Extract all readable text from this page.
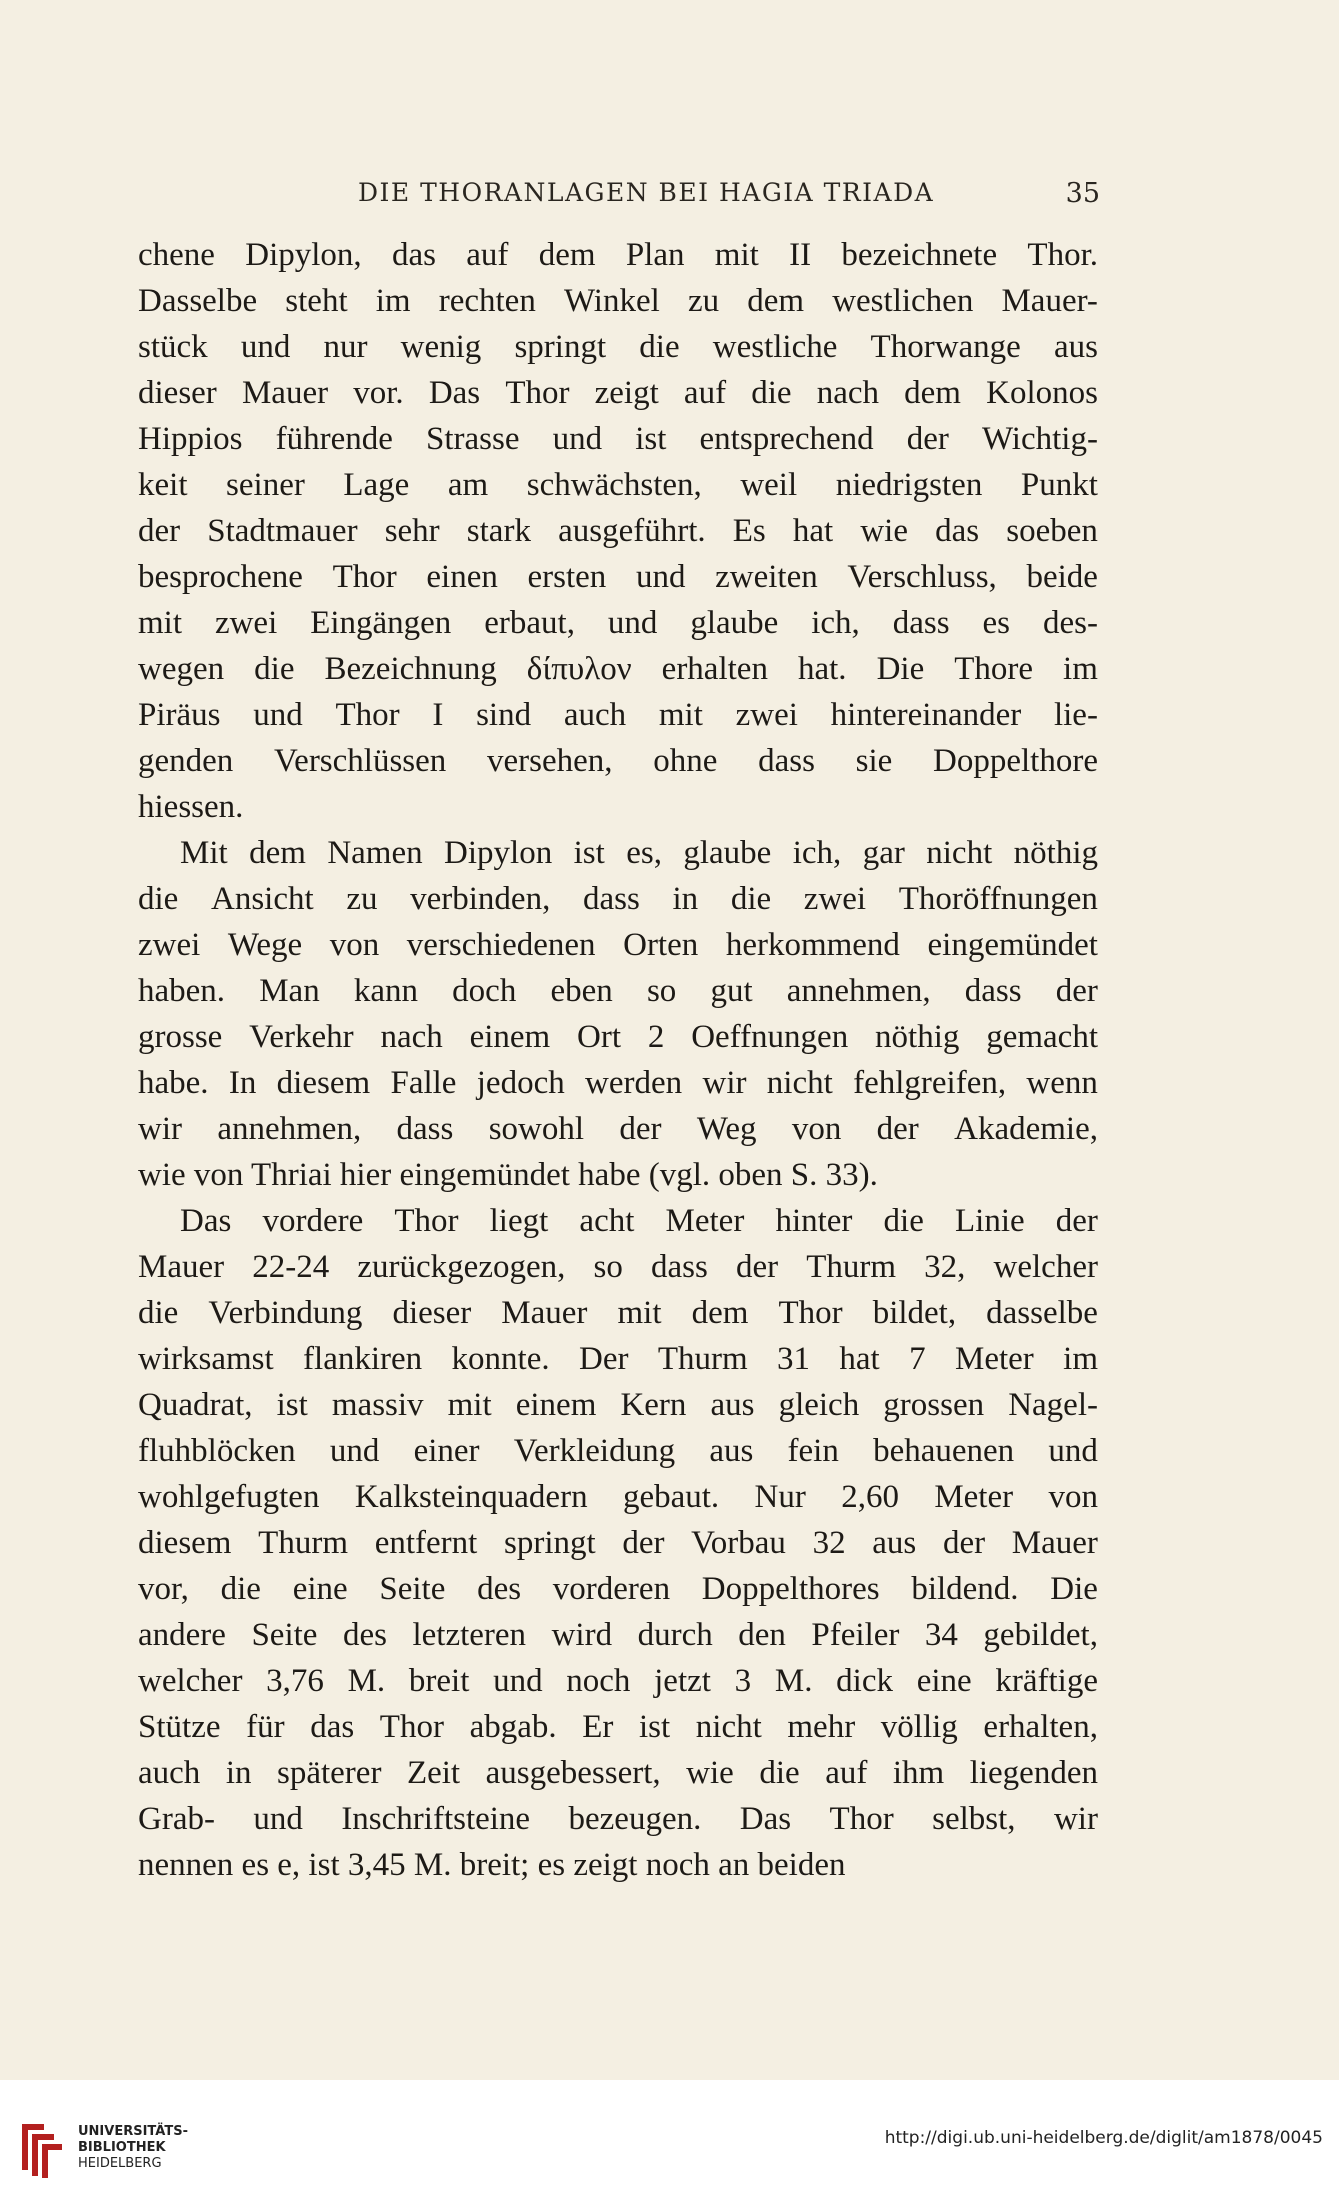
DIE THORANLAGEN BEI HAGIA TRIADA	35
chene Dipylon, das auf dem Plan mit II bezeichnete Thor.
Dasselbe steht im rechten Winkel zu dem westlichen Mauer-
stück und nur wenig springt die westliche Thorwange aus
dieser Mauer vor. Das Thor zeigt auf die nach dem Kolonos
Hippios führende Strasse und ist entsprechend der Wichtig-
keit seiner Lage am schwächsten, weil niedrigsten Punkt
der Stadtmauer sehr stark ausgeführt. Es hat wie das soeben
besprochene Thor einen ersten und zweiten Verschluss, beide
mit zwei Eingängen erbaut, und glaube ich, dass es des-
wegen die Bezeichnung δίπυλον erhalten hat. Die Thore im
Piräus und Thor I sind auch mit zwei hintereinander lie-
genden Verschlüssen versehen, ohne dass sie Doppelthore
hiessen.
Mit dem Namen Dipylon ist es, glaube ich, gar nicht nöthig
die Ansicht zu verbinden, dass in die zwei Thoröffnungen
zwei Wege von verschiedenen Orten herkommend eingemündet
haben. Man kann doch eben so gut annehmen, dass der
grosse Verkehr nach einem Ort 2 Oeffnungen nöthig gemacht
habe. In diesem Falle jedoch werden wir nicht fehlgreifen, wenn
wir annehmen, dass sowohl der Weg von der Akademie,
wie von Thriai hier eingemündet habe (vgl. oben S. 33).
Das vordere Thor liegt acht Meter hinter die Linie der
Mauer 22-24 zurückgezogen, so dass der Thurm 32, welcher
die Verbindung dieser Mauer mit dem Thor bildet, dasselbe
wirksamst flankiren konnte. Der Thurm 31 hat 7 Meter im
Quadrat, ist massiv mit einem Kern aus gleich grossen Nagel-
fluhblöcken und einer Verkleidung aus fein behauenen und
wohlgefugten Kalksteinquadern gebaut. Nur 2,60 Meter von
diesem Thurm entfernt springt der Vorbau 32 aus der Mauer
vor, die eine Seite des vorderen Doppelthores bildend. Die
andere Seite des letzteren wird durch den Pfeiler 34 gebildet,
welcher 3,76 M. breit und noch jetzt 3 M. dick eine kräftige
Stütze für das Thor abgab. Er ist nicht mehr völlig erhalten,
auch in späterer Zeit ausgebessert, wie die auf ihm liegenden
Grab- und Inschriftsteine bezeugen. Das Thor selbst, wir
nennen es e, ist 3,45 M. breit; es zeigt noch an beiden
UNIVERSITÄTS-
BIBLIOTHEK
HEIDELBERG
http://digi.ub.uni-heidelberg.de/diglit/am1878/0045
